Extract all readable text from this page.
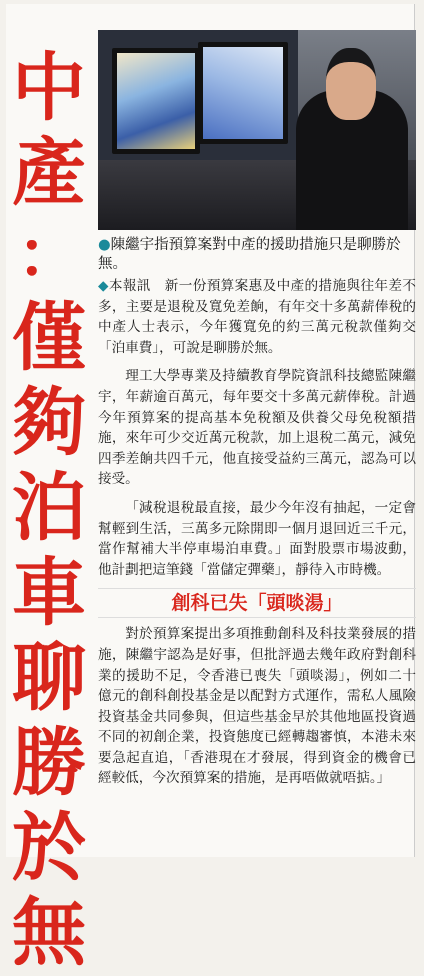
中
產
：
僅
夠
泊
車
聊
勝
於
無
●陳繼宇指預算案對中產的援助措施只是聊勝於無。

◆本報訊　新一份預算案惠及中產的措施與往年差不多，主要是退稅及寬免差餉，有年交十多萬薪俸稅的中產人士表示，今年獲寬免的約三萬元稅款僅夠交「泊車費」，可說是聊勝於無。

理工大學專業及持續教育學院資訊科技總監陳繼宇，年薪逾百萬元，每年要交十多萬元薪俸稅。計過今年預算案的提高基本免稅額及供養父母免稅額措施，來年可少交近萬元稅款，加上退稅二萬元，減免四季差餉共四千元，他直接受益約三萬元，認為可以接受。

「減稅退稅最直接，最少今年沒有抽起，一定會幫輕到生活，三萬多元除開即一個月退回近三千元，當作幫補大半停車場泊車費。」面對股票市場波動，他計劃把這筆錢「當儲定彈藥」，靜待入市時機。

創科已失「頭啖湯」

對於預算案提出多項推動創科及科技業發展的措施，陳繼宇認為是好事，但批評過去幾年政府對創科業的援助不足，令香港已喪失「頭啖湯」，例如二十億元的創科創投基金是以配對方式運作，需私人風險投資基金共同參與，但這些基金早於其他地區投資過不同的初創企業，投資態度已經轉趨審慎，本港未來要急起直追，「香港現在才發展，得到資金的機會已經較低，今次預算案的措施，是再唔做就唔掂。」
